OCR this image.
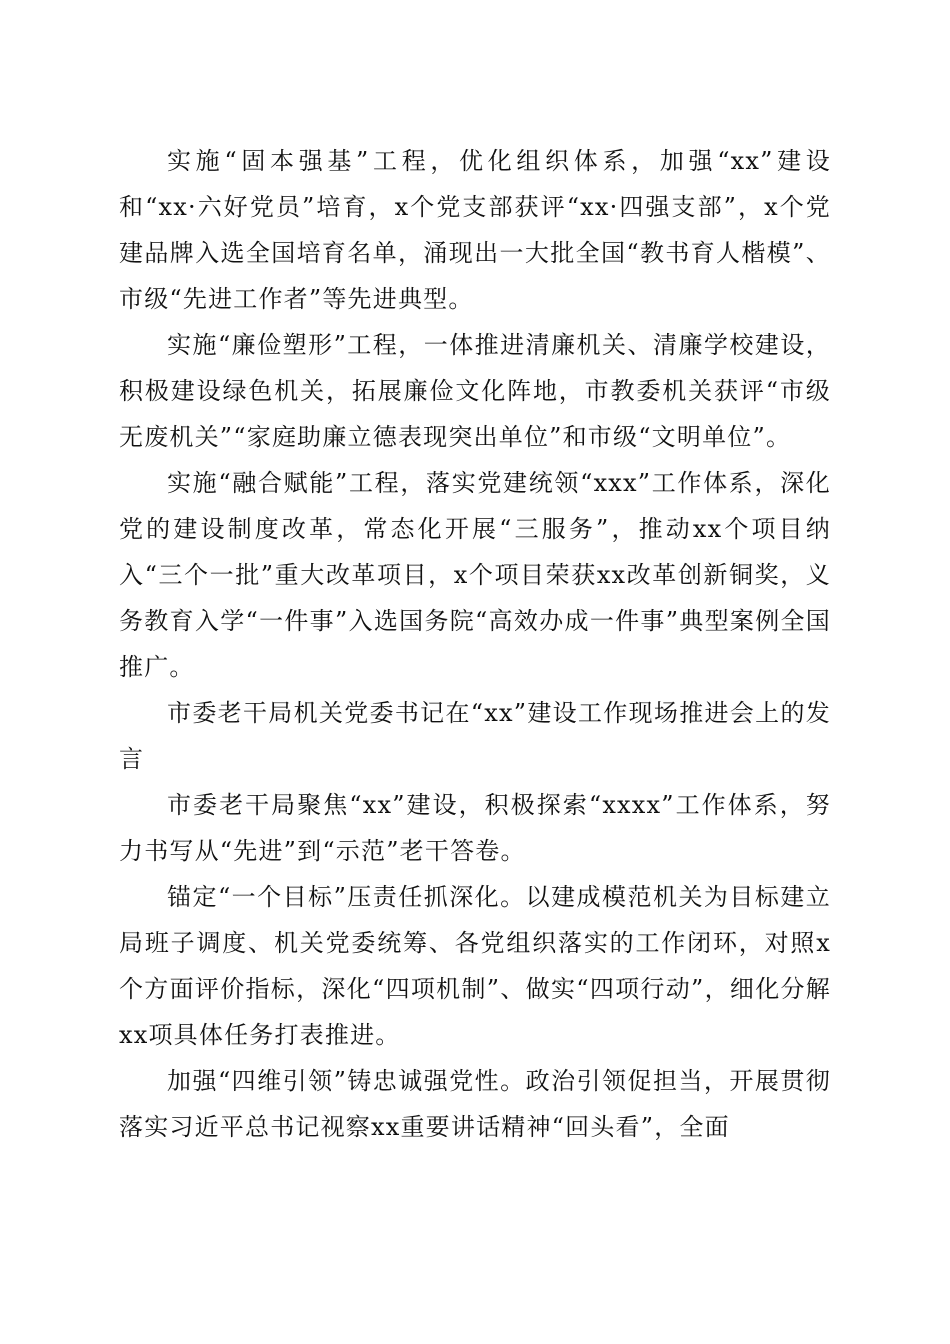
实施“固本强基”工程，优化组织体系，加强“xx”建设和“xx·六好党员”培育，x个党支部获评“xx·四强支部”，x个党建品牌入选全国培育名单，涌现出一大批全国“教书育人楷模”、市级“先进工作者”等先进典型。

实施“廉俭塑形”工程，一体推进清廉机关、清廉学校建设，积极建设绿色机关，拓展廉俭文化阵地，市教委机关获评“市级无废机关”“家庭助廉立德表现突出单位”和市级“文明单位”。

实施“融合赋能”工程，落实党建统领“xxx”工作体系，深化党的建设制度改革，常态化开展“三服务”，推动xx个项目纳入“三个一批”重大改革项目，x个项目荣获xx改革创新铜奖，义务教育入学“一件事”入选国务院“高效办成一件事”典型案例全国推广。

市委老干局机关党委书记在“xx”建设工作现场推进会上的发言

市委老干局聚焦“xx”建设，积极探索“xxxx”工作体系，努力书写从“先进”到“示范”老干答卷。

锚定“一个目标”压责任抓深化。以建成模范机关为目标建立局班子调度、机关党委统筹、各党组织落实的工作闭环，对照x个方面评价指标，深化“四项机制”、做实“四项行动”，细化分解xx项具体任务打表推进。

加强“四维引领”铸忠诚强党性。政治引领促担当，开展贯彻落实习近平总书记视察xx重要讲话精神“回头看”，全面
